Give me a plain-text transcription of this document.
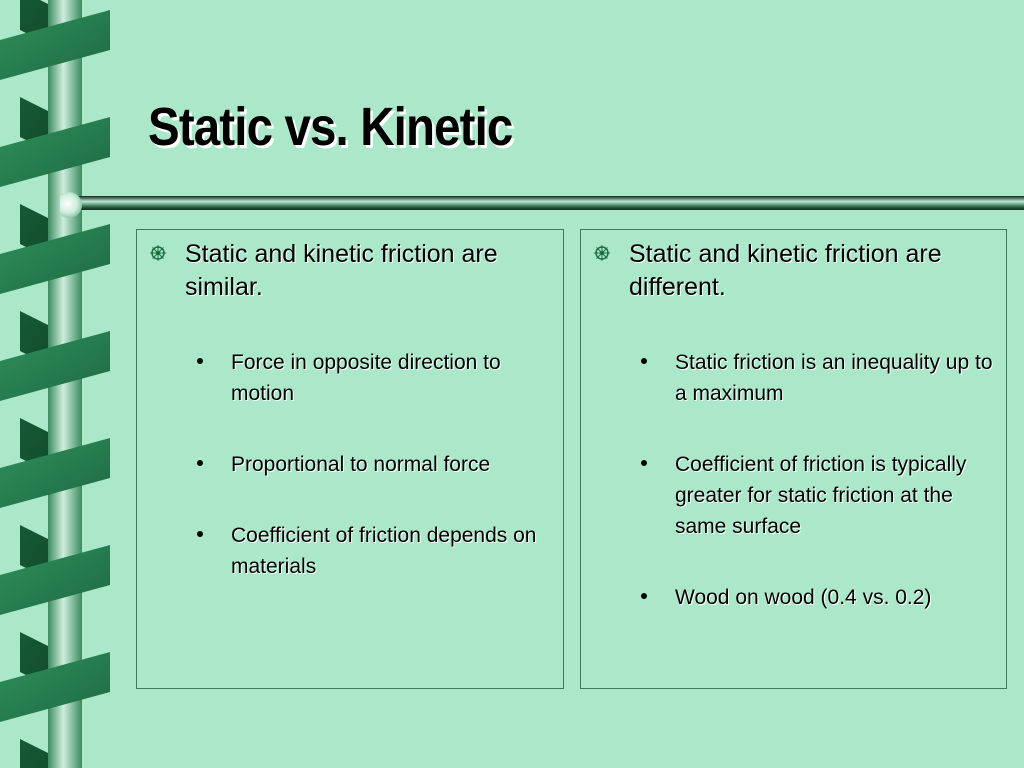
Static vs. Kinetic
Static and kinetic friction are similar.
Force in opposite direction to motion
Proportional to normal force
Coefficient of friction depends on materials
Static and kinetic friction are different.
Static friction is an inequality up to a maximum
Coefficient of friction is typically greater for static friction at the same surface
Wood on wood (0.4 vs. 0.2)
